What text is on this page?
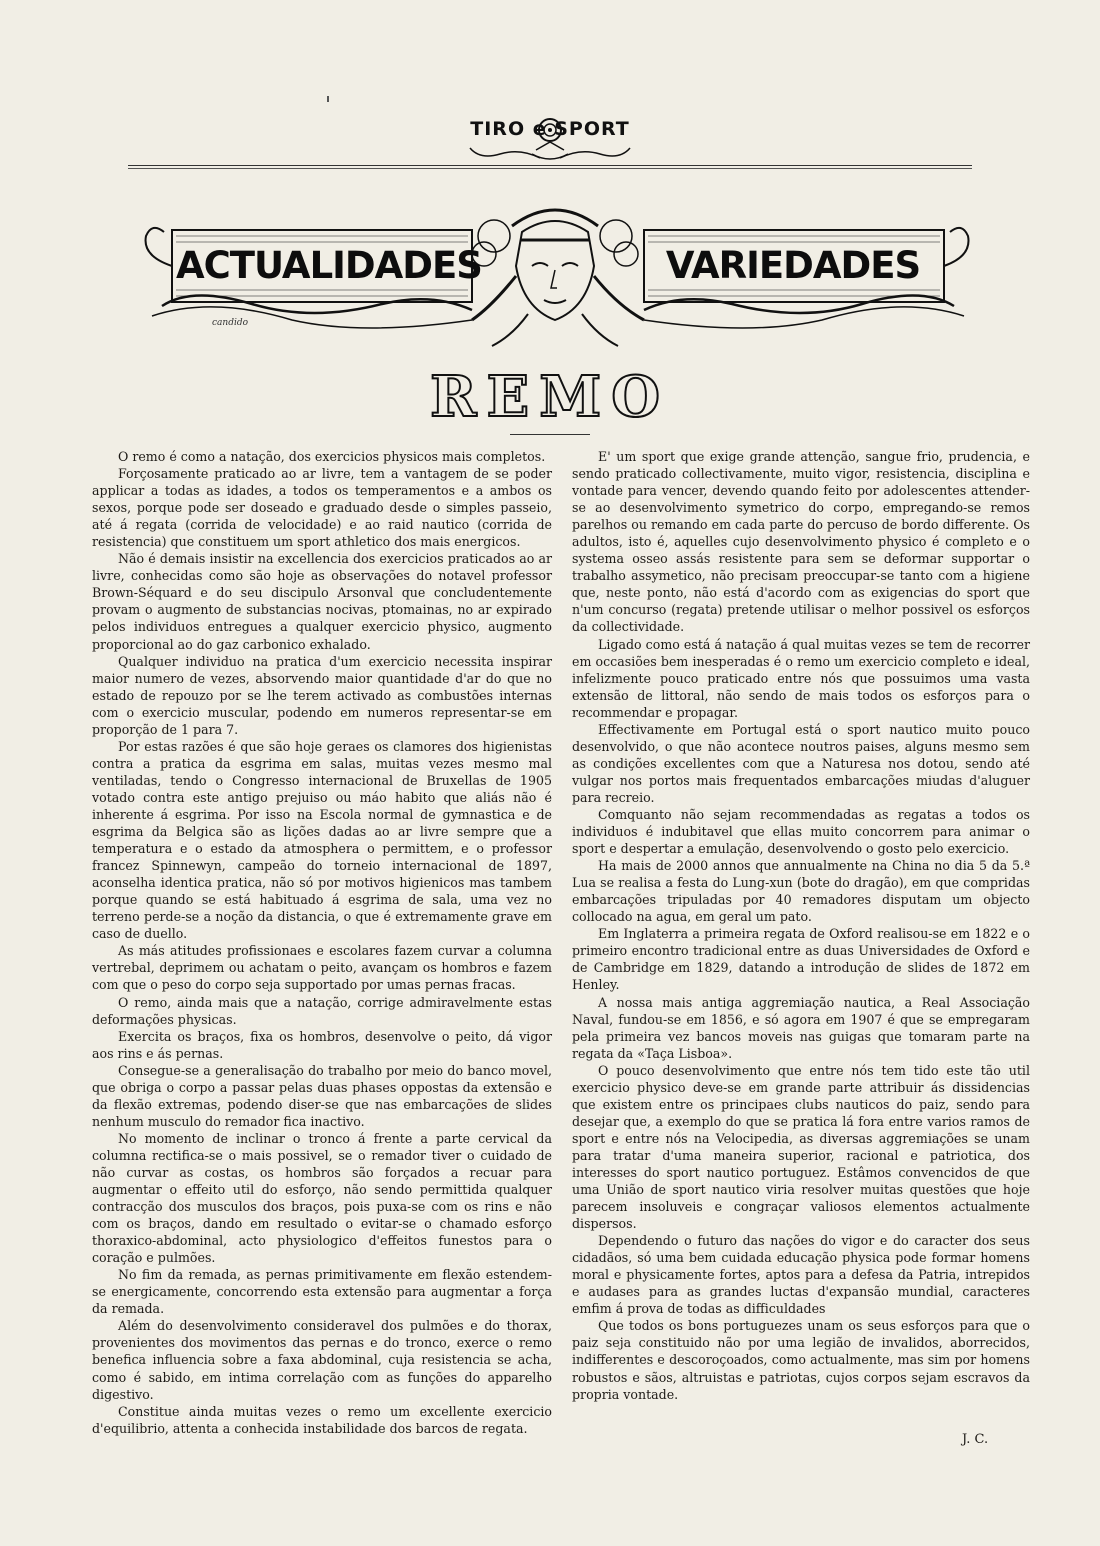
TIRO e SPORT
ACTUALIDADES	VARIEDADES
candido
REMO

O remo é como a natação, dos exercicios physicos mais completos.

Forçosamente praticado ao ar livre, tem a vantagem de se poder applicar a todas as idades, a todos os temperamentos e a ambos os sexos, porque pode ser doseado e graduado desde o simples passeio, até á regata (corrida de velocidade) e ao raid nautico (corrida de resistencia) que constituem um sport athletico dos mais energicos.

Não é demais insistir na excellencia dos exercicios praticados ao ar livre, conhecidas como são hoje as observações do notavel professor Brown-Séquard e do seu discipulo Arsonval que concludentemente provam o augmento de substancias nocivas, ptomainas, no ar expirado pelos individuos entregues a qualquer exercicio physico, augmento proporcional ao do gaz carbonico exhalado.

Qualquer individuo na pratica d'um exercicio necessita inspirar maior numero de vezes, absorvendo maior quantidade d'ar do que no estado de repouzo por se lhe terem activado as combustões internas com o exercicio muscular, podendo em numeros representar-se em proporção de 1 para 7.

Por estas razões é que são hoje geraes os clamores dos higienistas contra a pratica da esgrima em salas, muitas vezes mesmo mal ventiladas, tendo o Congresso internacional de Bruxellas de 1905 votado contra este antigo prejuiso ou máo habito que aliás não é inherente á esgrima. Por isso na Escola normal de gymnastica e de esgrima da Belgica são as lições dadas ao ar livre sempre que a temperatura e o estado da atmosphera o permittem, e o professor francez Spinnewyn, campeão do torneio internacional de 1897, aconselha identica pratica, não só por motivos higienicos mas tambem porque quando se está habituado á esgrima de sala, uma vez no terreno perde-se a noção da distancia, o que é extremamente grave em caso de duello.

As más atitudes profissionaes e escolares fazem curvar a columna vertrebal, deprimem ou achatam o peito, avançam os hombros e fazem com que o peso do corpo seja supportado por umas pernas fracas.

O remo, ainda mais que a natação, corrige admiravelmente estas deformações physicas.

Exercita os braços, fixa os hombros, desenvolve o peito, dá vigor aos rins e ás pernas.

Consegue-se a generalisação do trabalho por meio do banco movel, que obriga o corpo a passar pelas duas phases oppostas da extensão e da flexão extremas, podendo diser-se que nas embarcações de slides nenhum musculo do remador fica inactivo.

No momento de inclinar o tronco á frente a parte cervical da columna rectifica-se o mais possivel, se o remador tiver o cuidado de não curvar as costas, os hombros são forçados a recuar para augmentar o effeito util do esforço, não sendo permittida qualquer contracção dos musculos dos braços, pois puxa-se com os rins e não com os braços, dando em resultado o evitar-se o chamado esforço thoraxico-abdominal, acto physiologico d'effeitos funestos para o coração e pulmões.

No fim da remada, as pernas primitivamente em flexão estendem-se energicamente, concorrendo esta extensão para augmentar a força da remada.

Além do desenvolvimento consideravel dos pulmões e do thorax, provenientes dos movimentos das pernas e do tronco, exerce o remo benefica influencia sobre a faxa abdominal, cuja resistencia se acha, como é sabido, em intima correlação com as funções do apparelho digestivo.

Constitue ainda muitas vezes o remo um excellente exercicio d'equilibrio, attenta a conhecida instabilidade dos barcos de regata.

E' um sport que exige grande attenção, sangue frio, prudencia, e sendo praticado collectivamente, muito vigor, resistencia, disciplina e vontade para vencer, devendo quando feito por adolescentes attender-se ao desenvolvimento symetrico do corpo, empregando-se remos parelhos ou remando em cada parte do percuso de bordo differente. Os adultos, isto é, aquelles cujo desenvolvimento physico é completo e o systema osseo assás resistente para sem se deformar supportar o trabalho assymetico, não precisam preoccupar-se tanto com a higiene que, neste ponto, não está d'acordo com as exigencias do sport que n'um concurso (regata) pretende utilisar o melhor possivel os esforços da collectividade.

Ligado como está á natação á qual muitas vezes se tem de recorrer em occasiões bem inesperadas é o remo um exercicio completo e ideal, infelizmente pouco praticado entre nós que possuimos uma vasta extensão de littoral, não sendo de mais todos os esforços para o recommendar e propagar.

Effectivamente em Portugal está o sport nautico muito pouco desenvolvido, o que não acontece noutros paises, alguns mesmo sem as condições excellentes com que a Naturesa nos dotou, sendo até vulgar nos portos mais frequentados embarcações miudas d'aluguer para recreio.

Comquanto não sejam recommendadas as regatas a todos os individuos é indubitavel que ellas muito concorrem para animar o sport e despertar a emulação, desenvolvendo o gosto pelo exercicio.

Ha mais de 2000 annos que annualmente na China no dia 5 da 5.ª Lua se realisa a festa do Lung-xun (bote do dragão), em que compridas embarcações tripuladas por 40 remadores disputam um objecto collocado na agua, em geral um pato.

Em Inglaterra a primeira regata de Oxford realisou-se em 1822 e o primeiro encontro tradicional entre as duas Universidades de Oxford e de Cambridge em 1829, datando a introdução de slides de 1872 em Henley.

A nossa mais antiga aggremiação nautica, a Real Associação Naval, fundou-se em 1856, e só agora em 1907 é que se empregaram pela primeira vez bancos moveis nas guigas que tomaram parte na regata da «Taça Lisboa».

O pouco desenvolvimento que entre nós tem tido este tão util exercicio physico deve-se em grande parte attribuir ás dissidencias que existem entre os principaes clubs nauticos do paiz, sendo para desejar que, a exemplo do que se pratica lá fora entre varios ramos de sport e entre nós na Velocipedia, as diversas aggremiações se unam para tratar d'uma maneira superior, racional e patriotica, dos interesses do sport nautico portuguez. Estâmos convencidos de que uma União de sport nautico viria resolver muitas questões que hoje parecem insoluveis e congraçar valiosos elementos actualmente dispersos.

Dependendo o futuro das nações do vigor e do caracter dos seus cidadãos, só uma bem cuidada educação physica pode formar homens moral e physicamente fortes, aptos para a defesa da Patria, intrepidos e audases para as grandes luctas d'expansão mundial, caracteres emfim á prova de todas as difficuldades

Que todos os bons portuguezes unam os seus esforços para que o paiz seja constituido não por uma legião de invalidos, aborrecidos, indifferentes e descoroçoados, como actualmente, mas sim por homens robustos e sãos, altruistas e patriotas, cujos corpos sejam escravos da propria vontade.

J. C.
